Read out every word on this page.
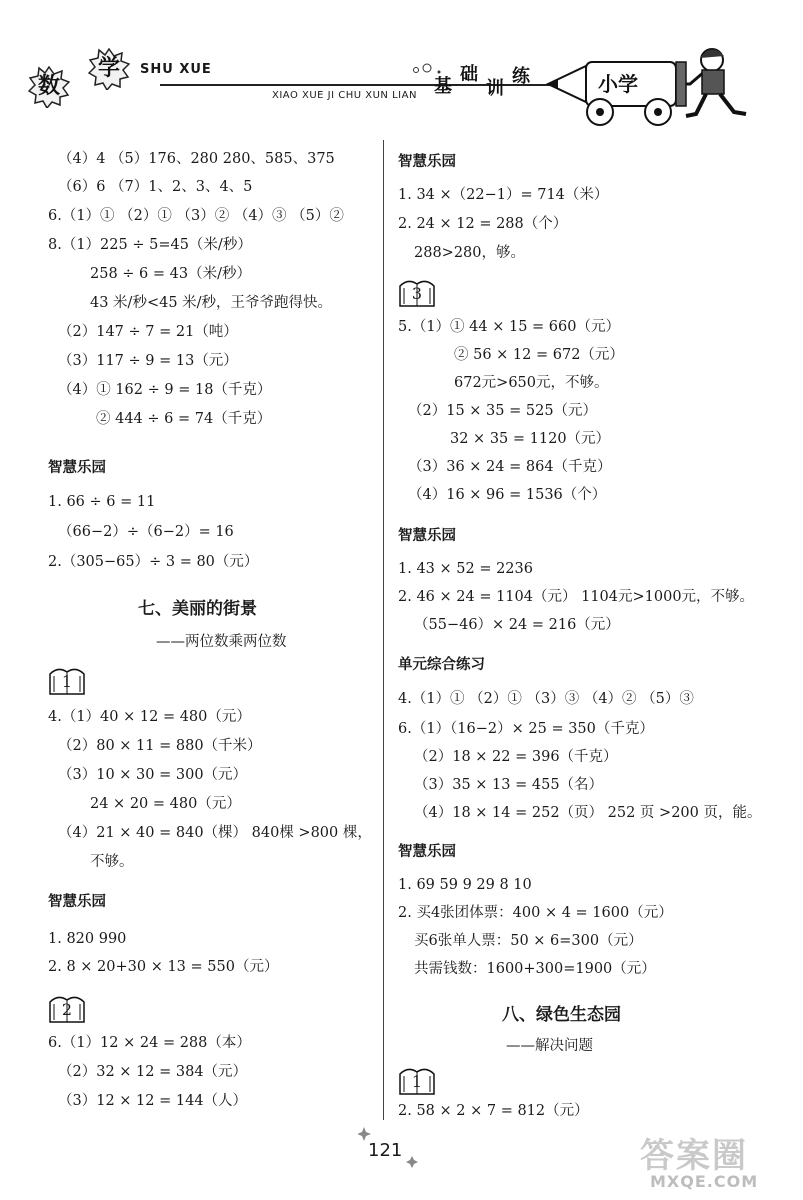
数
学	SHU XUE
XIAO XUE JI CHU XUN LIAN 基
础
训
练	小学
（4）4 （5）176、280 280、585、375
（6）6 （7）1、2、3、4、5
6.（1）① （2）① （3）② （4）③ （5）②
8.（1）225 ÷ 5=45（米/秒）
258 ÷ 6 = 43（米/秒）
43 米/秒<45 米/秒，王爷爷跑得快。
（2）147 ÷ 7 = 21（吨）
（3）117 ÷ 9 = 13（元）
（4）① 162 ÷ 9 = 18（千克）
② 444 ÷ 6 = 74（千克）
智慧乐园
1. 66 ÷ 6 = 11
（66−2）÷（6−2）= 16
2.（305−65）÷ 3 = 80（元）
七、美丽的街景
——两位数乘两位数
1
4.（1）40 × 12 = 480（元）
（2）80 × 11 = 880（千米）
（3）10 × 30 = 300（元）
24 × 20 = 480（元）
（4）21 × 40 = 840（棵） 840棵 >800 棵，
不够。
智慧乐园
1. 820 990
2. 8 × 20+30 × 13 = 550（元）
2
6.（1）12 × 24 = 288（本）
（2）32 × 12 = 384（元）
（3）12 × 12 = 144（人）
智慧乐园
1. 34 ×（22−1）= 714（米）
2. 24 × 12 = 288（个）
288>280，够。
3
5.（1）① 44 × 15 = 660（元）
② 56 × 12 = 672（元）
672元>650元，不够。
（2）15 × 35 = 525（元）
32 × 35 = 1120（元）
（3）36 × 24 = 864（千克）
（4）16 × 96 = 1536（个）
智慧乐园
1. 43 × 52 = 2236
2. 46 × 24 = 1104（元） 1104元>1000元，不够。
（55−46）× 24 = 216（元）
单元综合练习
4.（1）① （2）① （3）③ （4）② （5）③
6.（1）（16−2）× 25 = 350（千克）
（2）18 × 22 = 396（千克）
（3）35 × 13 = 455（名）
（4）18 × 14 = 252（页） 252 页 >200 页，能。
智慧乐园
1. 69 59 9 29 8 10
2. 买4张团体票：400 × 4 = 1600（元）
买6张单人票：50 × 6=300（元）
共需钱数：1600+300=1900（元）
八、绿色生态园
——解决问题
1
2. 58 × 2 × 7 = 812（元）
121	答案圈
MXQE.COM
